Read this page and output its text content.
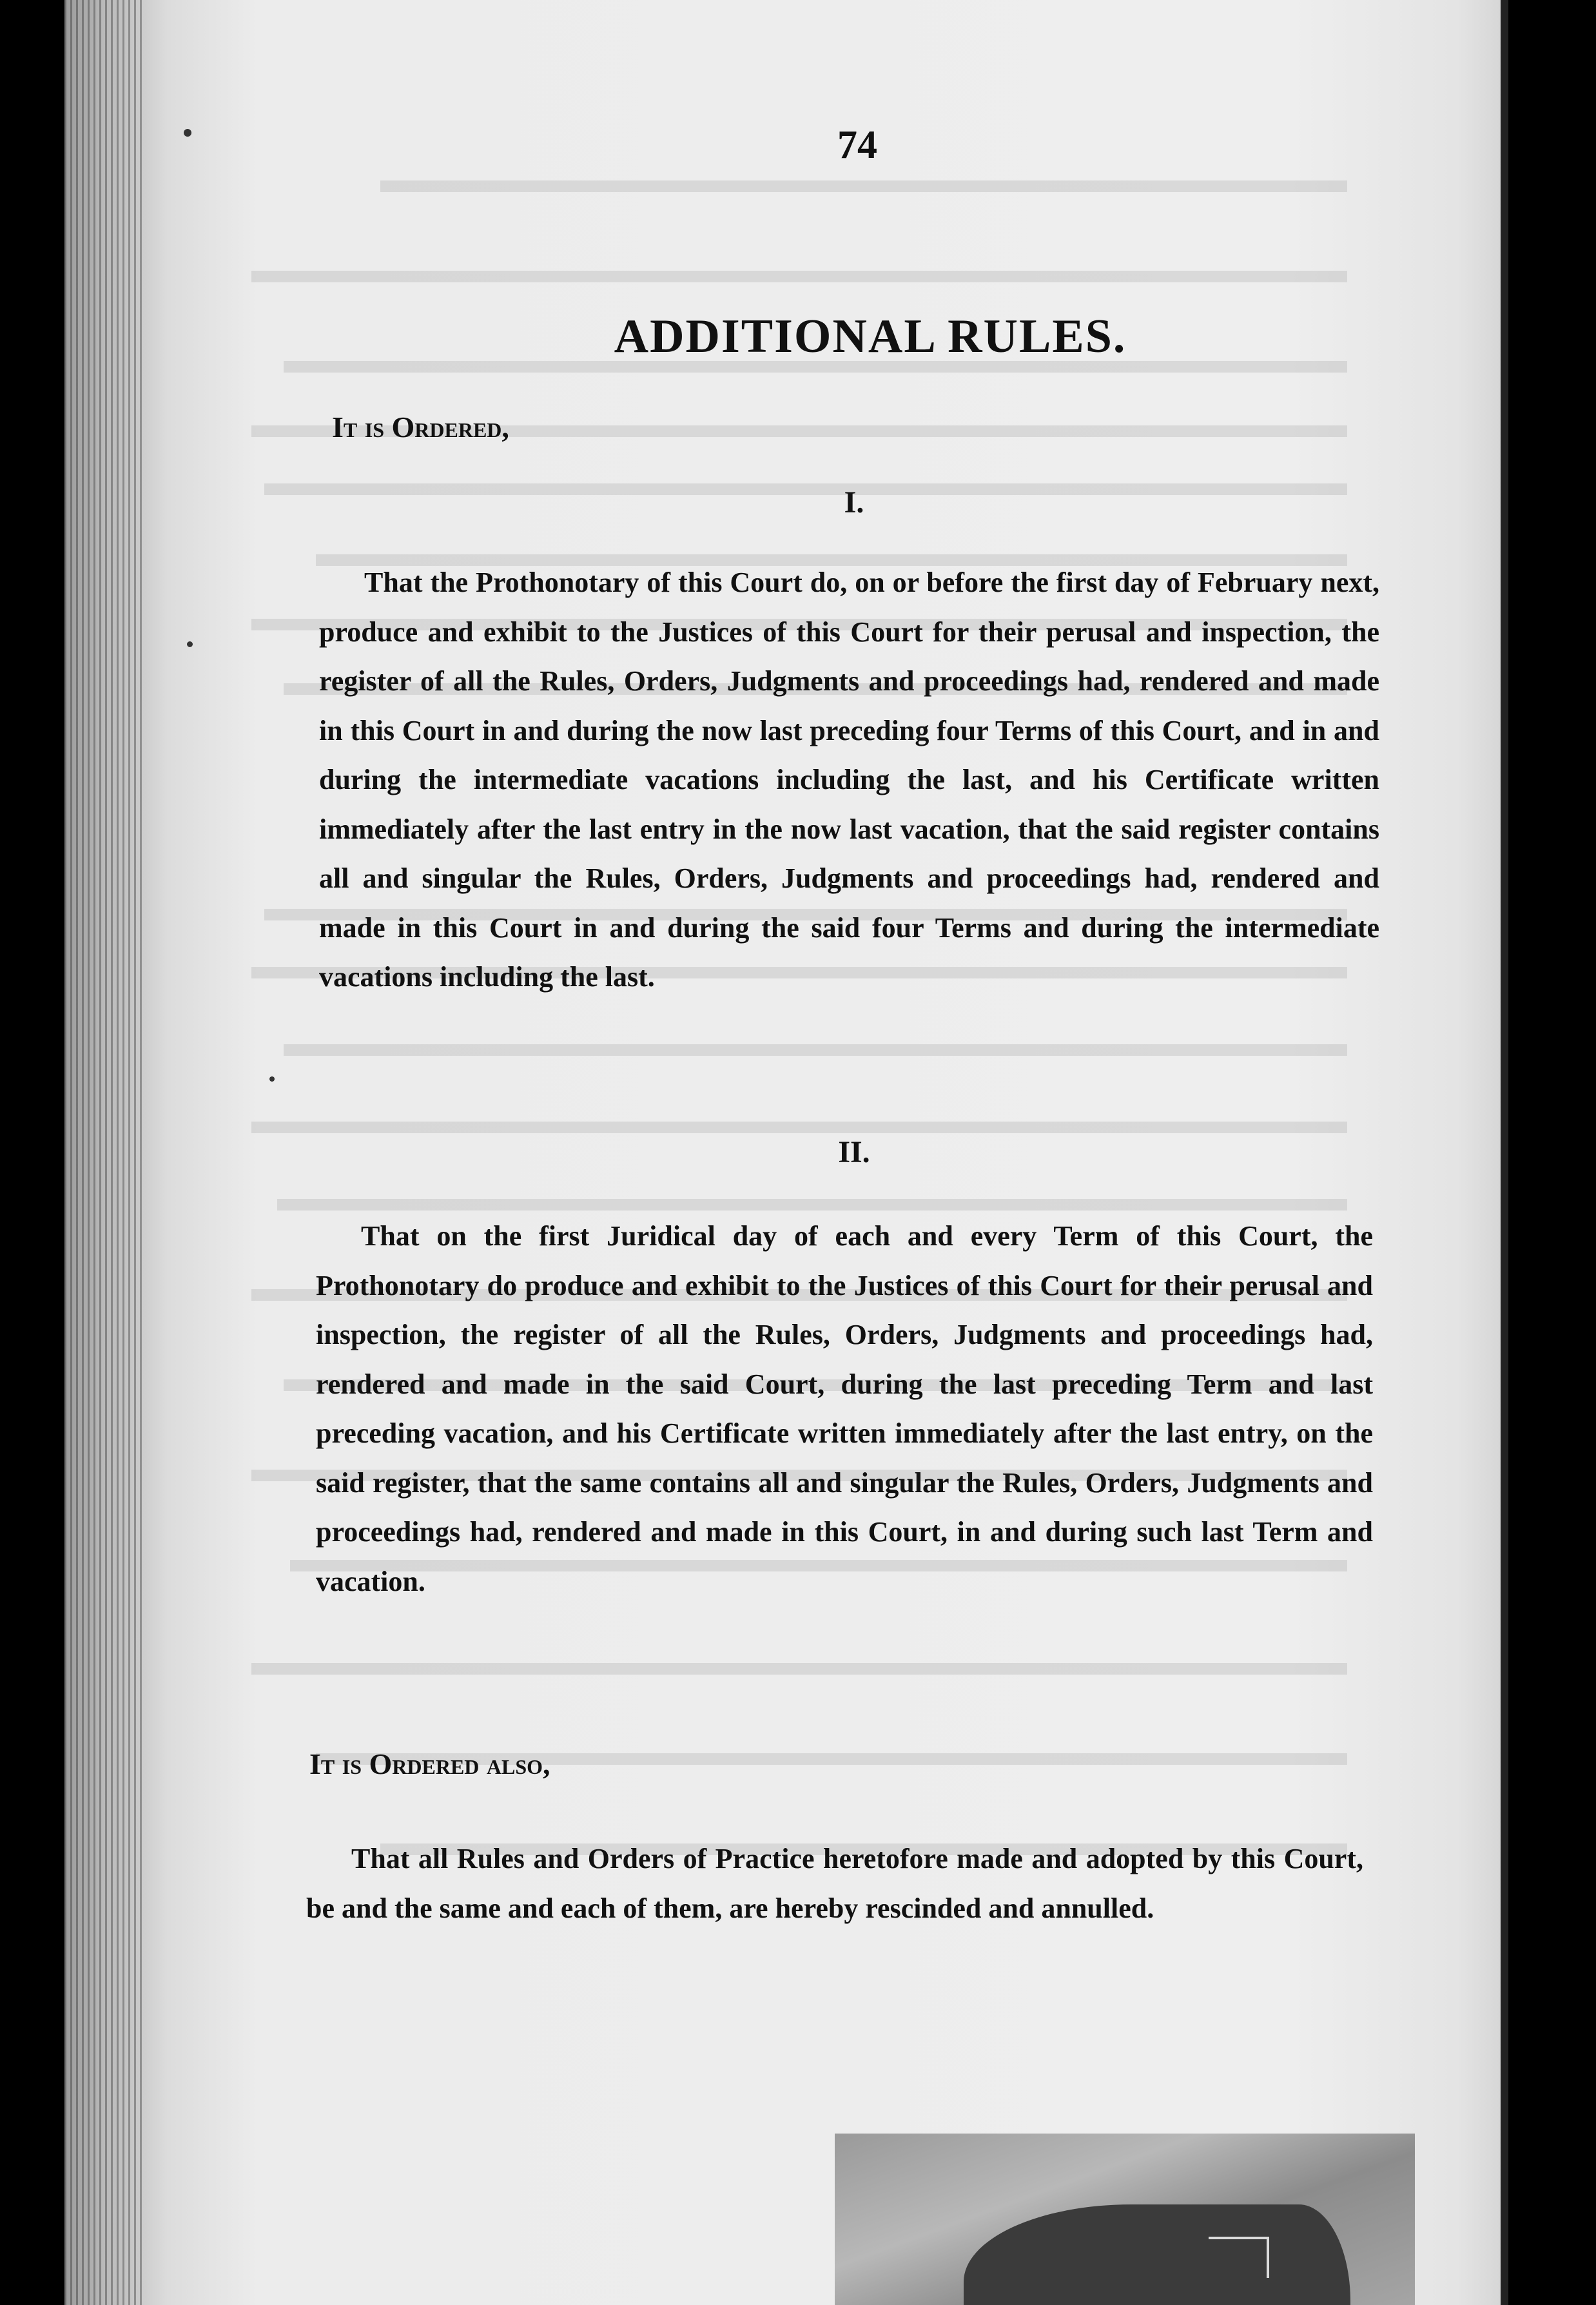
74
ADDITIONAL RULES.
It is Ordered,
I.
That the Prothonotary of this Court do, on or before the first day of February next, produce and exhibit to the Justices of this Court for their perusal and inspection, the register of all the Rules, Orders, Judgments and proceedings had, rendered and made in this Court in and during the now last preceding four Terms of this Court, and in and during the intermediate vacations including the last, and his Certificate written immediately after the last entry in the now last vacation, that the said register contains all and singular the Rules, Orders, Judgments and proceedings had, rendered and made in this Court in and during the said four Terms and during the intermediate vacations including the last.
II.
That on the first Juridical day of each and every Term of this Court, the Prothonotary do produce and exhibit to the Justices of this Court for their perusal and inspection, the register of all the Rules, Orders, Judgments and proceedings had, rendered and made in the said Court, during the last preceding Term and last preceding vacation, and his Certificate written immediately after the last entry, on the said register, that the same contains all and singular the Rules, Orders, Judgments and proceedings had, rendered and made in this Court, in and during such last Term and vacation.
It is Ordered also,
That all Rules and Orders of Practice heretofore made and adopted by this Court, be and the same and each of them, are hereby rescinded and annulled.
